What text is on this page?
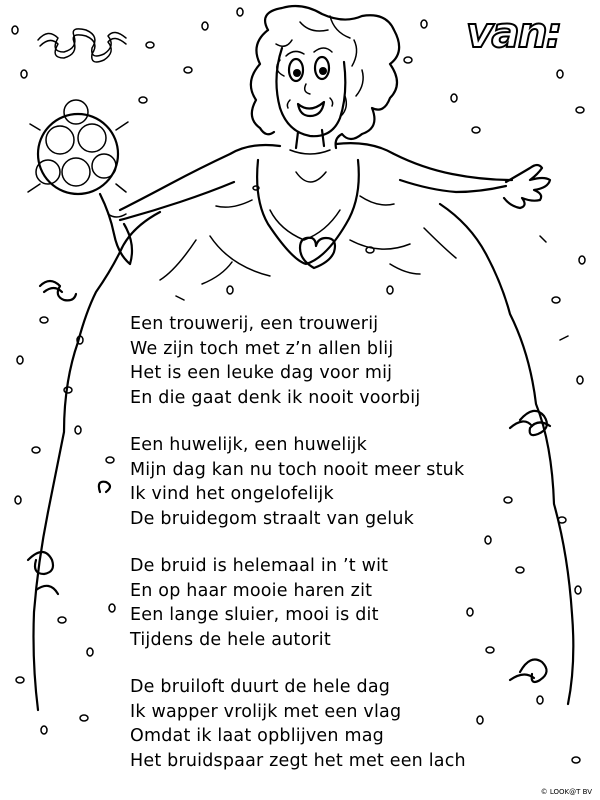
van:
Een trouwerij, een trouwerij
We zijn toch met z’n allen blij
Het is een leuke dag voor mij
En die gaat denk ik nooit voorbij
Een huwelijk, een huwelijk
Mijn dag kan nu toch nooit meer stuk
Ik vind het ongelofelijk
De bruidegom straalt van geluk
De bruid is helemaal in ’t wit
En op haar mooie haren zit
Een lange sluier, mooi is dit
Tijdens de hele autorit
De bruiloft duurt de hele dag
Ik wapper vrolijk met een vlag
Omdat ik laat opblijven mag
Het bruidspaar zegt het met een lach
© LOOK@T BV
